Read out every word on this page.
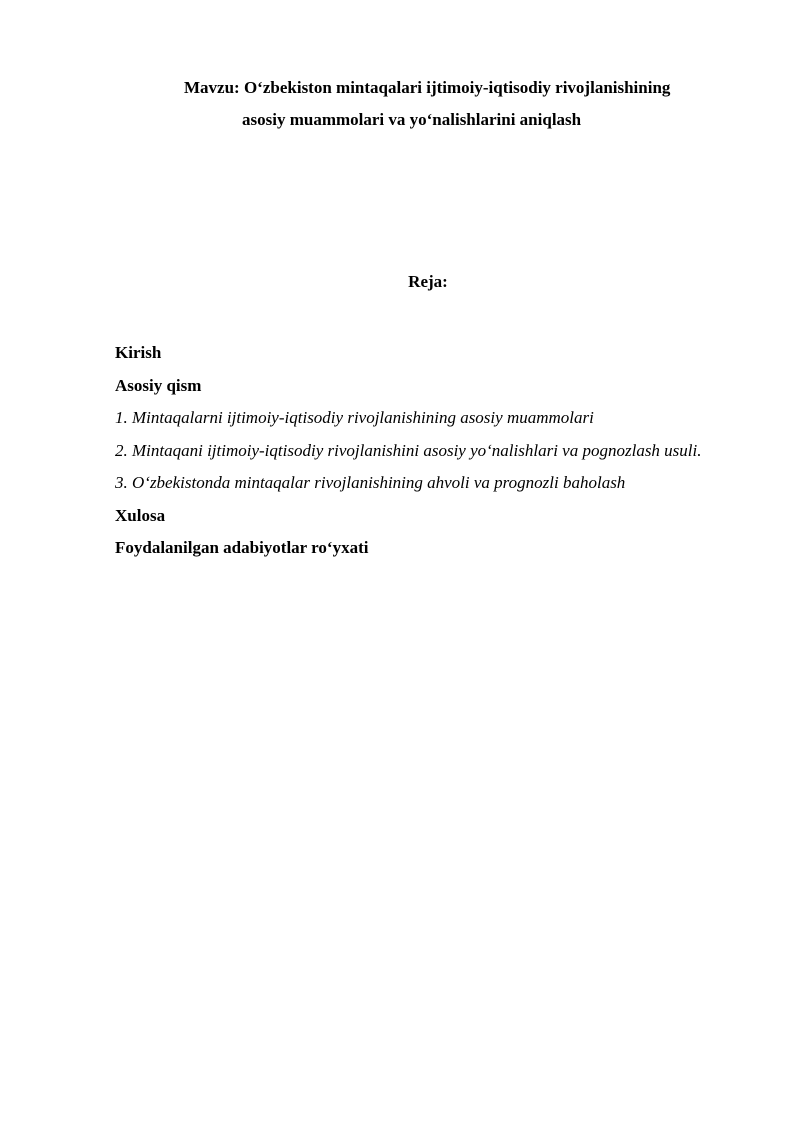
Mavzu: O‘zbekiston mintaqalari ijtimoiy-iqtisodiy rivojlanishining
asosiy muammolari va yo‘nalishlarini aniqlash
Reja:
Kirish
Asosiy qism
1. Mintaqalarni ijtimoiy-iqtisodiy rivojlanishining asosiy muammolari
2. Mintaqani ijtimoiy-iqtisodiy rivojlanishini asosiy yo‘nalishlari va pognozlash usuli.
3. O‘zbekistonda mintaqalar rivojlanishining ahvoli va prognozli baholash
Xulosa
Foydalanilgan adabiyotlar ro‘yxati
